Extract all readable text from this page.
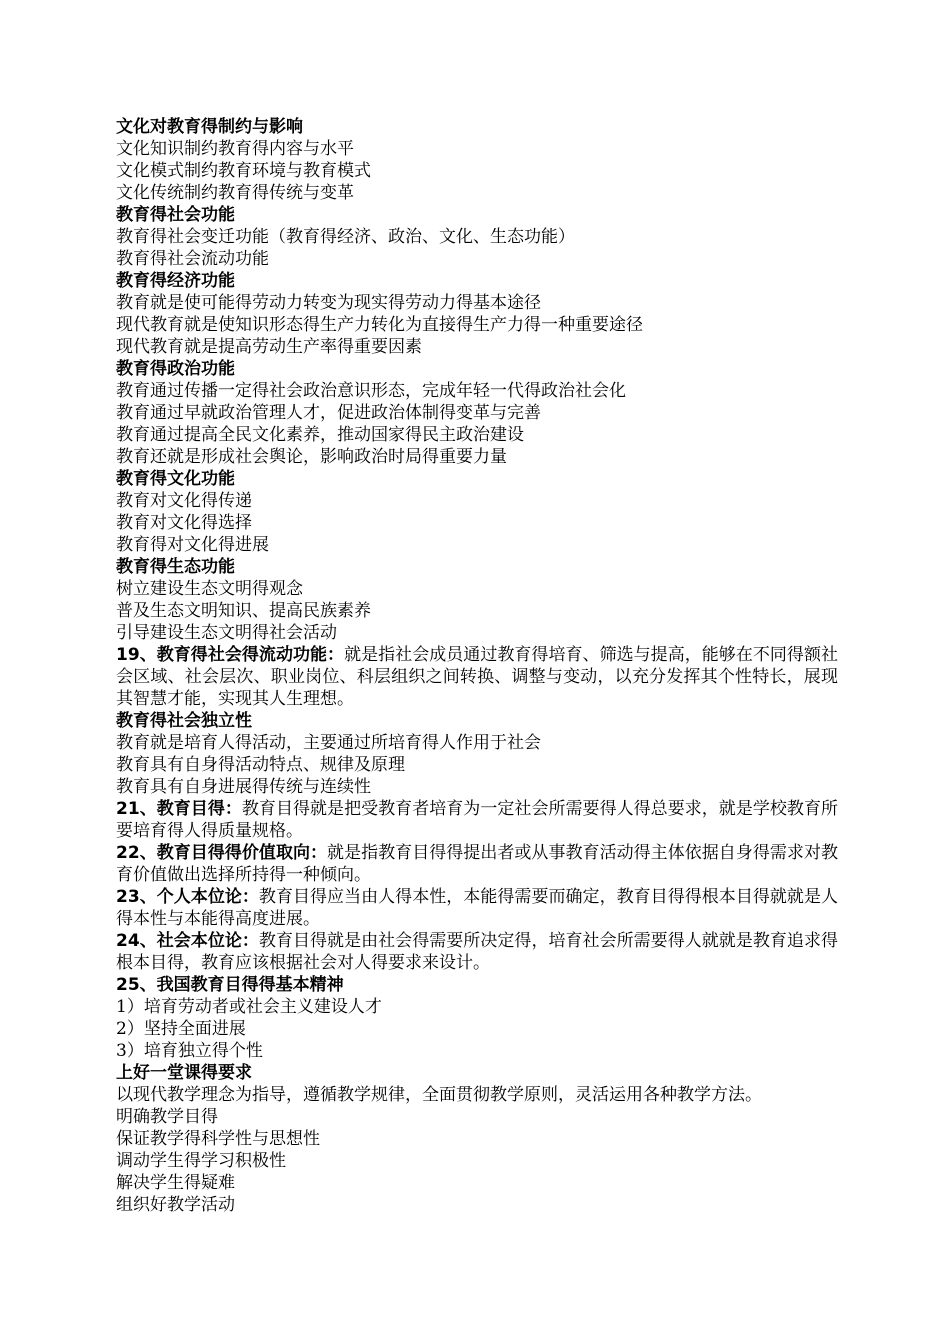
文化对教育得制约与影响

文化知识制约教育得内容与水平

文化模式制约教育环境与教育模式

文化传统制约教育得传统与变革

教育得社会功能

教育得社会变迁功能（教育得经济、政治、文化、生态功能）

教育得社会流动功能

教育得经济功能

教育就是使可能得劳动力转变为现实得劳动力得基本途径

现代教育就是使知识形态得生产力转化为直接得生产力得一种重要途径

现代教育就是提高劳动生产率得重要因素

教育得政治功能

教育通过传播一定得社会政治意识形态，完成年轻一代得政治社会化

教育通过早就政治管理人才，促进政治体制得变革与完善

教育通过提高全民文化素养，推动国家得民主政治建设

教育还就是形成社会舆论，影响政治时局得重要力量

教育得文化功能

教育对文化得传递

教育对文化得选择

教育得对文化得进展

教育得生态功能

树立建设生态文明得观念

普及生态文明知识、提高民族素养

引导建设生态文明得社会活动

19、教育得社会得流动功能：就是指社会成员通过教育得培育、筛选与提高，能够在不同得额社会区域、社会层次、职业岗位、科层组织之间转换、调整与变动，以充分发挥其个性特长，展现其智慧才能，实现其人生理想。

教育得社会独立性

教育就是培育人得活动，主要通过所培育得人作用于社会

教育具有自身得活动特点、规律及原理

教育具有自身进展得传统与连续性

21、教育目得：教育目得就是把受教育者培育为一定社会所需要得人得总要求，就是学校教育所要培育得人得质量规格。

22、教育目得得价值取向：就是指教育目得得提出者或从事教育活动得主体依据自身得需求对教育价值做出选择所持得一种倾向。

23、个人本位论：教育目得应当由人得本性，本能得需要而确定，教育目得得根本目得就就是人得本性与本能得高度进展。

24、社会本位论：教育目得就是由社会得需要所决定得，培育社会所需要得人就就是教育追求得根本目得，教育应该根据社会对人得要求来设计。

25、我国教育目得得基本精神

1）培育劳动者或社会主义建设人才

2）坚持全面进展

3）培育独立得个性

上好一堂课得要求

以现代教学理念为指导，遵循教学规律，全面贯彻教学原则，灵活运用各种教学方法。

明确教学目得

保证教学得科学性与思想性

调动学生得学习积极性

解决学生得疑难

组织好教学活动
